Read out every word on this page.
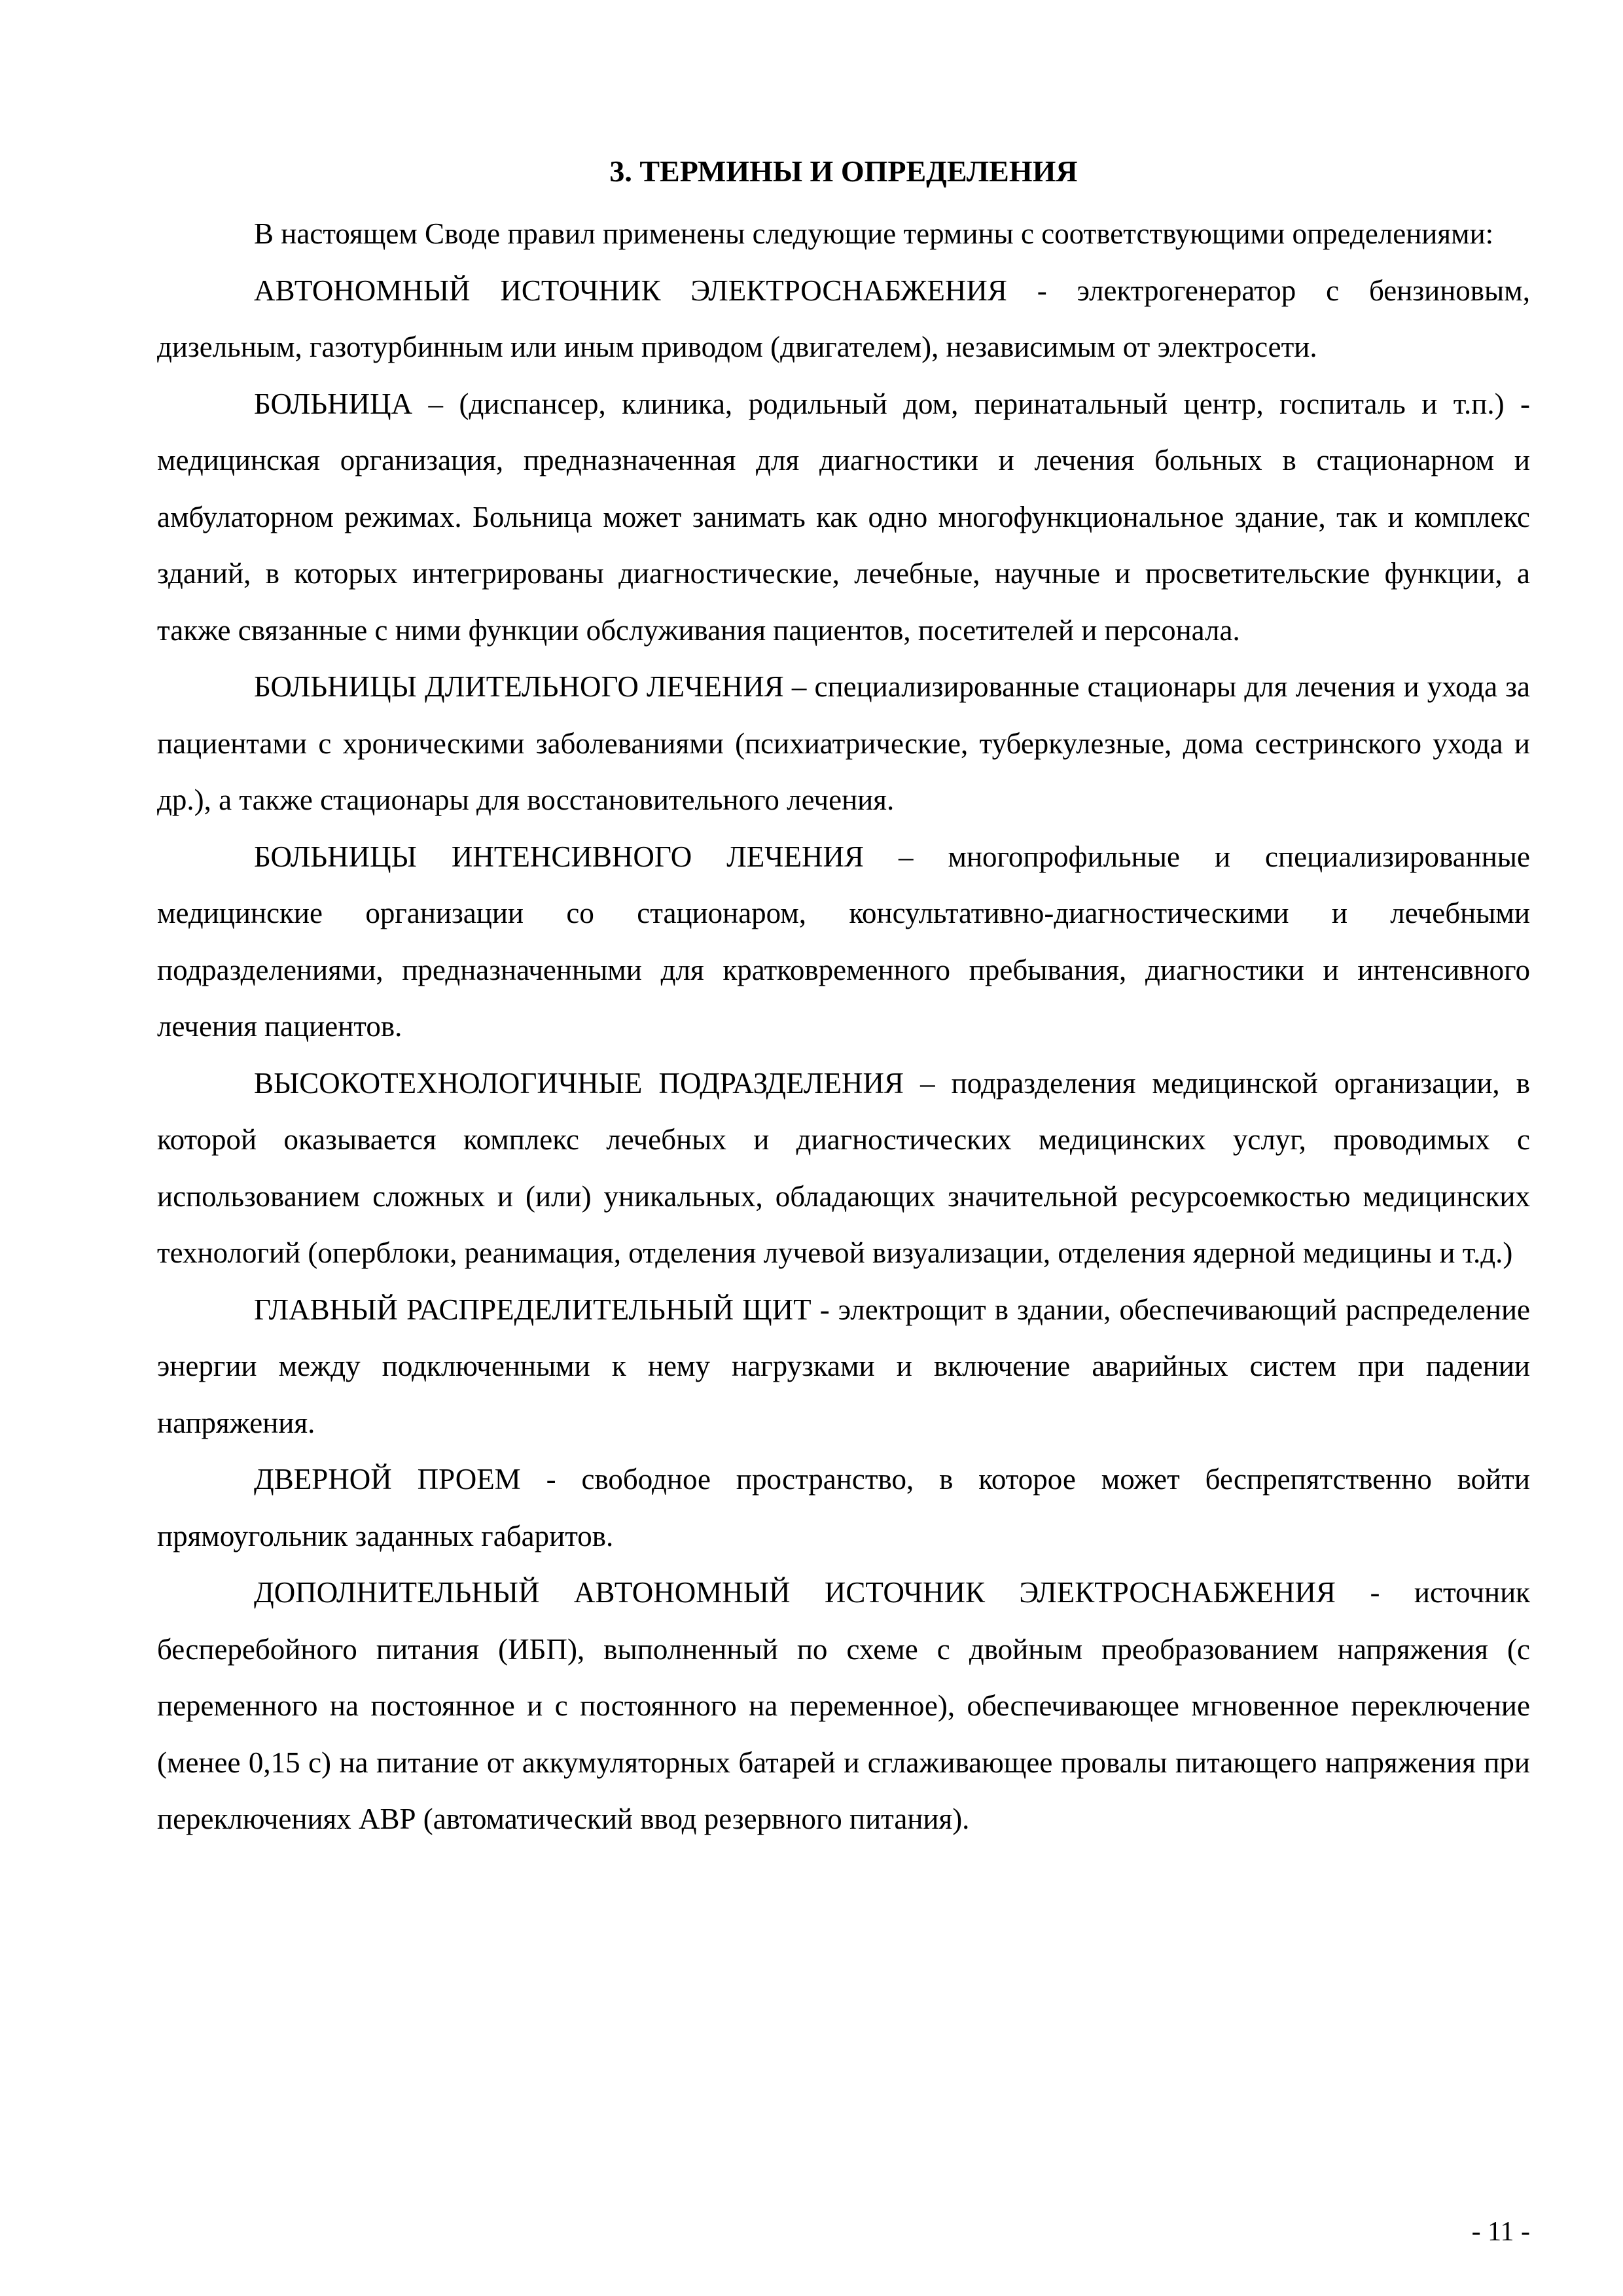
3. ТЕРМИНЫ И ОПРЕДЕЛЕНИЯ

В настоящем Своде правил применены следующие термины с соответствующими определениями:

АВТОНОМНЫЙ ИСТОЧНИК ЭЛЕКТРОСНАБЖЕНИЯ - электрогенератор с бензиновым, дизельным, газотурбинным или иным приводом (двигателем), независимым от электросети.

БОЛЬНИЦА – (диспансер, клиника, родильный дом, перинатальный центр, госпиталь и т.п.) - медицинская организация, предназначенная для диагностики и лечения больных в стационарном и амбулаторном режимах. Больница может занимать как одно многофункциональное здание, так и комплекс зданий, в которых интегрированы диагностические, лечебные, научные и просветительские функции, а также связанные с ними функции обслуживания пациентов, посетителей и персонала.

БОЛЬНИЦЫ ДЛИТЕЛЬНОГО ЛЕЧЕНИЯ – специализированные стационары для лечения и ухода за пациентами с хроническими заболеваниями (психиатрические, туберкулезные, дома сестринского ухода и др.), а также стационары для восстановительного лечения.

БОЛЬНИЦЫ ИНТЕНСИВНОГО ЛЕЧЕНИЯ – многопрофильные и специализированные медицинские организации со стационаром, консультативно-диагностическими и лечебными подразделениями, предназначенными для кратковременного пребывания, диагностики и интенсивного лечения пациентов.

ВЫСОКОТЕХНОЛОГИЧНЫЕ ПОДРАЗДЕЛЕНИЯ – подразделения медицинской организации, в которой оказывается комплекс лечебных и диагностических медицинских услуг, проводимых с использованием сложных и (или) уникальных, обладающих значительной ресурсоемкостью медицинских технологий (оперблоки, реанимация, отделения лучевой визуализации, отделения ядерной медицины и т.д.)

ГЛАВНЫЙ РАСПРЕДЕЛИТЕЛЬНЫЙ ЩИТ - электрощит в здании, обеспечивающий распределение энергии между подключенными к нему нагрузками и включение аварийных систем при падении напряжения.

ДВЕРНОЙ ПРОЕМ - свободное пространство, в которое может беспрепятственно войти прямоугольник заданных габаритов.

ДОПОЛНИТЕЛЬНЫЙ АВТОНОМНЫЙ ИСТОЧНИК ЭЛЕКТРОСНАБЖЕНИЯ - источник бесперебойного питания (ИБП), выполненный по схеме с двойным преобразованием напряжения (с переменного на постоянное и с постоянного на переменное), обеспечивающее мгновенное переключение (менее 0,15 с) на питание от аккумуляторных батарей и сглаживающее провалы питающего напряжения при переключениях АВР (автоматический ввод резервного питания).

- 11 -
